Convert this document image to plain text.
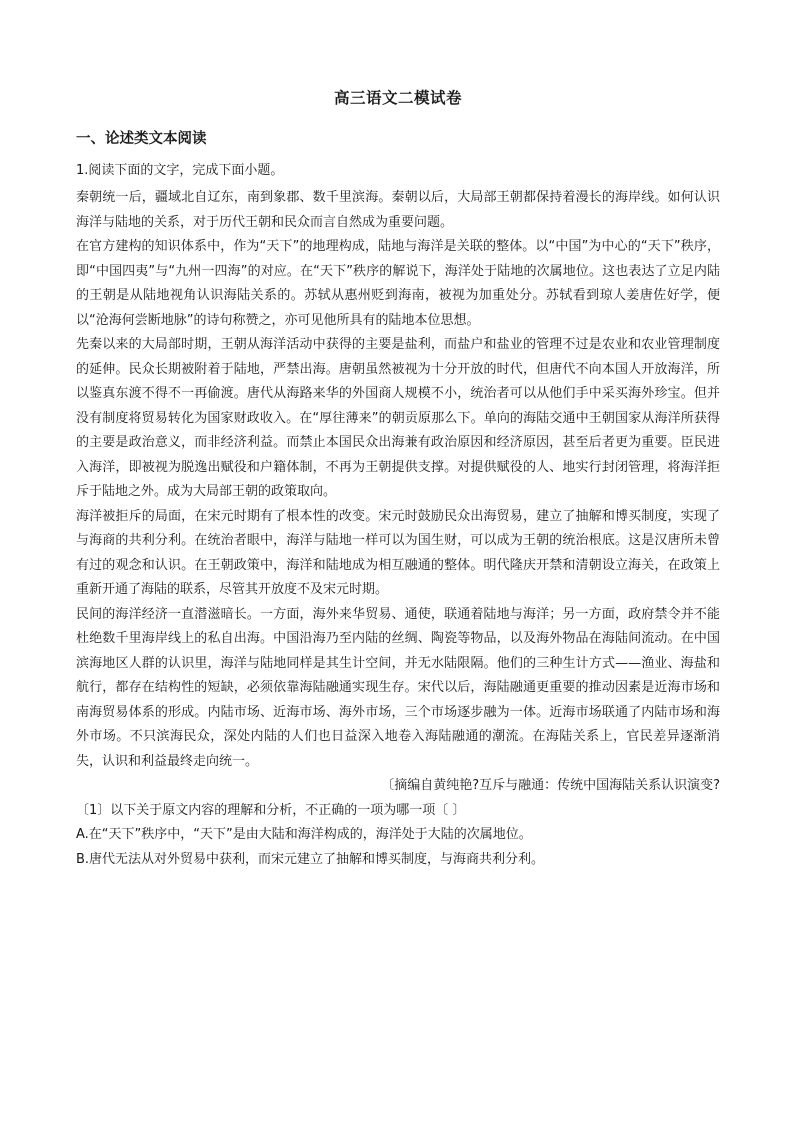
高三语文二模试卷
一、论述类文本阅读

1.阅读下面的文字，完成下面小题。

秦朝统一后，疆域北自辽东，南到象郡、数千里滨海。秦朝以后，大局部王朝都保持着漫长的海岸线。如何认识海洋与陆地的关系，对于历代王朝和民众而言自然成为重要问题。

在官方建构的知识体系中，作为“天下”的地理构成，陆地与海洋是关联的整体。以“中国”为中心的“天下”秩序，即“中国四夷”与“九州一四海”的对应。在“天下”秩序的解说下，海洋处于陆地的次属地位。这也表达了立足内陆的王朝是从陆地视角认识海陆关系的。苏轼从惠州贬到海南，被视为加重处分。苏轼看到琼人姜唐佐好学，便以“沧海何尝断地脉”的诗句称赞之，亦可见他所具有的陆地本位思想。

先秦以来的大局部时期，王朝从海洋活动中获得的主要是盐利，而盐户和盐业的管理不过是农业和农业管理制度的延伸。民众长期被附着于陆地，严禁出海。唐朝虽然被视为十分开放的时代，但唐代不向本国人开放海洋，所以鉴真东渡不得不一再偷渡。唐代从海路来华的外国商人规模不小，统治者可以从他们手中采买海外珍宝。但并没有制度将贸易转化为国家财政收入。在“厚往薄来”的朝贡原那么下。单向的海陆交通中王朝国家从海洋所获得的主要是政治意义，而非经济利益。而禁止本国民众出海兼有政治原因和经济原因，甚至后者更为重要。臣民进入海洋，即被视为脱逸出赋役和户籍体制，不再为王朝提供支撑。对提供赋役的人、地实行封闭管理，将海洋拒斥于陆地之外。成为大局部王朝的政策取向。

海洋被拒斥的局面，在宋元时期有了根本性的改变。宋元时鼓励民众出海贸易，建立了抽解和博买制度，实现了与海商的共利分利。在统治者眼中，海洋与陆地一样可以为国生财，可以成为王朝的统治根底。这是汉唐所未曾有过的观念和认识。在王朝政策中，海洋和陆地成为相互融通的整体。明代隆庆开禁和清朝设立海关，在政策上重新开通了海陆的联系，尽管其开放度不及宋元时期。

民间的海洋经济一直潜滋暗长。一方面，海外来华贸易、通使，联通着陆地与海洋；另一方面，政府禁令并不能杜绝数千里海岸线上的私自出海。中国沿海乃至内陆的丝绸、陶瓷等物品，以及海外物品在海陆间流动。在中国滨海地区人群的认识里，海洋与陆地同样是其生计空间，并无水陆限隔。他们的三种生计方式——渔业、海盐和航行，都存在结构性的短缺，必须依靠海陆融通实现生存。宋代以后，海陆融通更重要的推动因素是近海市场和南海贸易体系的形成。内陆市场、近海市场、海外市场，三个市场逐步融为一体。近海市场联通了内陆市场和海外市场。不只滨海民众，深处内陆的人们也日益深入地卷入海陆融通的潮流。在海陆关系上，官民差异逐渐消失，认识和利益最终走向统一。

〔摘编自黄纯艳?互斥与融通：传统中国海陆关系认识演变?

〔1〕以下关于原文内容的理解和分析，不正确的一项为哪一项〔 〕

A.在“天下”秩序中，“天下”是由大陆和海洋构成的，海洋处于大陆的次属地位。

B.唐代无法从对外贸易中获利，而宋元建立了抽解和博买制度，与海商共利分利。
